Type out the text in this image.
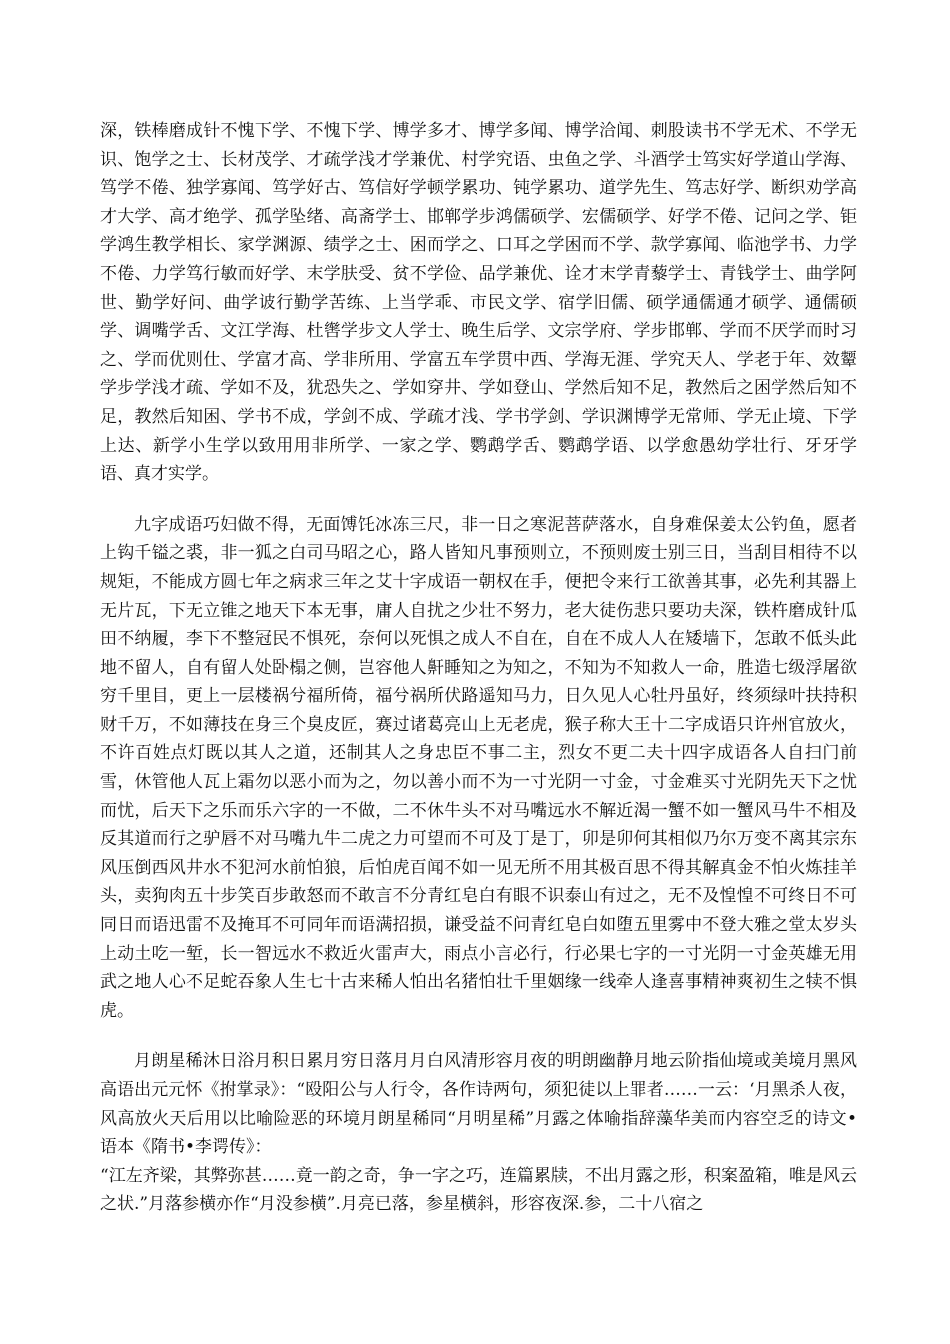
深，铁棒磨成针不愧下学、不愧下学、博学多才、博学多闻、博学洽闻、刺股读书不学无术、不学无识、饱学之士、长材茂学、才疏学浅才学兼优、村学究语、虫鱼之学、斗酒学士笃实好学道山学海、笃学不倦、独学寡闻、笃学好古、笃信好学顿学累功、钝学累功、道学先生、笃志好学、断织劝学高才大学、高才绝学、孤学坠绪、高斋学士、邯郸学步鸿儒硕学、宏儒硕学、好学不倦、记问之学、钜学鸿生教学相长、家学渊源、绩学之士、困而学之、口耳之学困而不学、款学寡闻、临池学书、力学不倦、力学笃行敏而好学、末学肤受、贫不学俭、品学兼优、诠才末学青藜学士、青钱学士、曲学阿世、勤学好问、曲学诐行勤学苦练、上当学乖、市民文学、宿学旧儒、硕学通儒通才硕学、通儒硕学、调嘴学舌、文江学海、杜辔学步文人学士、晚生后学、文宗学府、学步邯郸、学而不厌学而时习之、学而优则仕、学富才高、学非所用、学富五车学贯中西、学海无涯、学究天人、学老于年、效颦学步学浅才疏、学如不及，犹恐失之、学如穿井、学如登山、学然后知不足，教然后之困学然后知不足，教然后知困、学书不成，学剑不成、学疏才浅、学书学剑、学识渊博学无常师、学无止境、下学上达、新学小生学以致用用非所学、一家之学、鹦鹉学舌、鹦鹉学语、以学愈愚幼学壮行、牙牙学语、真才实学。

九字成语巧妇做不得，无面馎饦冰冻三尺，非一日之寒泥菩萨落水，自身难保姜太公钓鱼，愿者上钩千镒之裘，非一狐之白司马昭之心，路人皆知凡事预则立，不预则废士别三日，当刮目相待不以规矩，不能成方圆七年之病求三年之艾十字成语一朝权在手，便把令来行工欲善其事，必先利其器上无片瓦，下无立锥之地天下本无事，庸人自扰之少壮不努力，老大徒伤悲只要功夫深，铁杵磨成针瓜田不纳履，李下不整冠民不惧死，奈何以死惧之成人不自在，自在不成人人在矮墙下，怎敢不低头此地不留人，自有留人处卧榻之侧，岂容他人鼾睡知之为知之，不知为不知救人一命，胜造七级浮屠欲穷千里目，更上一层楼祸兮福所倚，福兮祸所伏路遥知马力，日久见人心牡丹虽好，终须绿叶扶持积财千万，不如薄技在身三个臭皮匠，赛过诸葛亮山上无老虎，猴子称大王十二字成语只许州官放火，不许百姓点灯既以其人之道，还制其人之身忠臣不事二主，烈女不更二夫十四字成语各人自扫门前雪，休管他人瓦上霜勿以恶小而为之，勿以善小而不为一寸光阴一寸金，寸金难买寸光阴先天下之忧而忧，后天下之乐而乐六字的一不做，二不休牛头不对马嘴远水不解近渴一蟹不如一蟹风马牛不相及反其道而行之驴唇不对马嘴九牛二虎之力可望而不可及丁是丁，卯是卯何其相似乃尔万变不离其宗东风压倒西风井水不犯河水前怕狼，后怕虎百闻不如一见无所不用其极百思不得其解真金不怕火炼挂羊头，卖狗肉五十步笑百步敢怒而不敢言不分青红皂白有眼不识泰山有过之，无不及惶惶不可终日不可同日而语迅雷不及掩耳不可同年而语满招损，谦受益不问青红皂白如堕五里雾中不登大雅之堂太岁头上动土吃一堑，长一智远水不救近火雷声大，雨点小言必行，行必果七字的一寸光阴一寸金英雄无用武之地人心不足蛇吞象人生七十古来稀人怕出名猪怕壮千里姻缘一线牵人逢喜事精神爽初生之犊不惧虎。

月朗星稀沐日浴月积日累月穷日落月月白风清形容月夜的明朗幽静月地云阶指仙境或美境月黑风高语出元元怀《拊掌录》：“殴阳公与人行令，各作诗两句，须犯徒以上罪者……一云：‘月黑杀人夜，风高放火天后用以比喻险恶的环境月朗星稀同“月明星稀”月露之体喻指辞藻华美而内容空乏的诗文•语本《隋书•李谔传》：

“江左齐梁，其弊弥甚……竟一韵之奇，争一字之巧，连篇累牍，不出月露之形，积案盈箱，唯是风云之状.”月落参横亦作“月没参横”.月亮已落，参星横斜，形容夜深.参，二十八宿之
